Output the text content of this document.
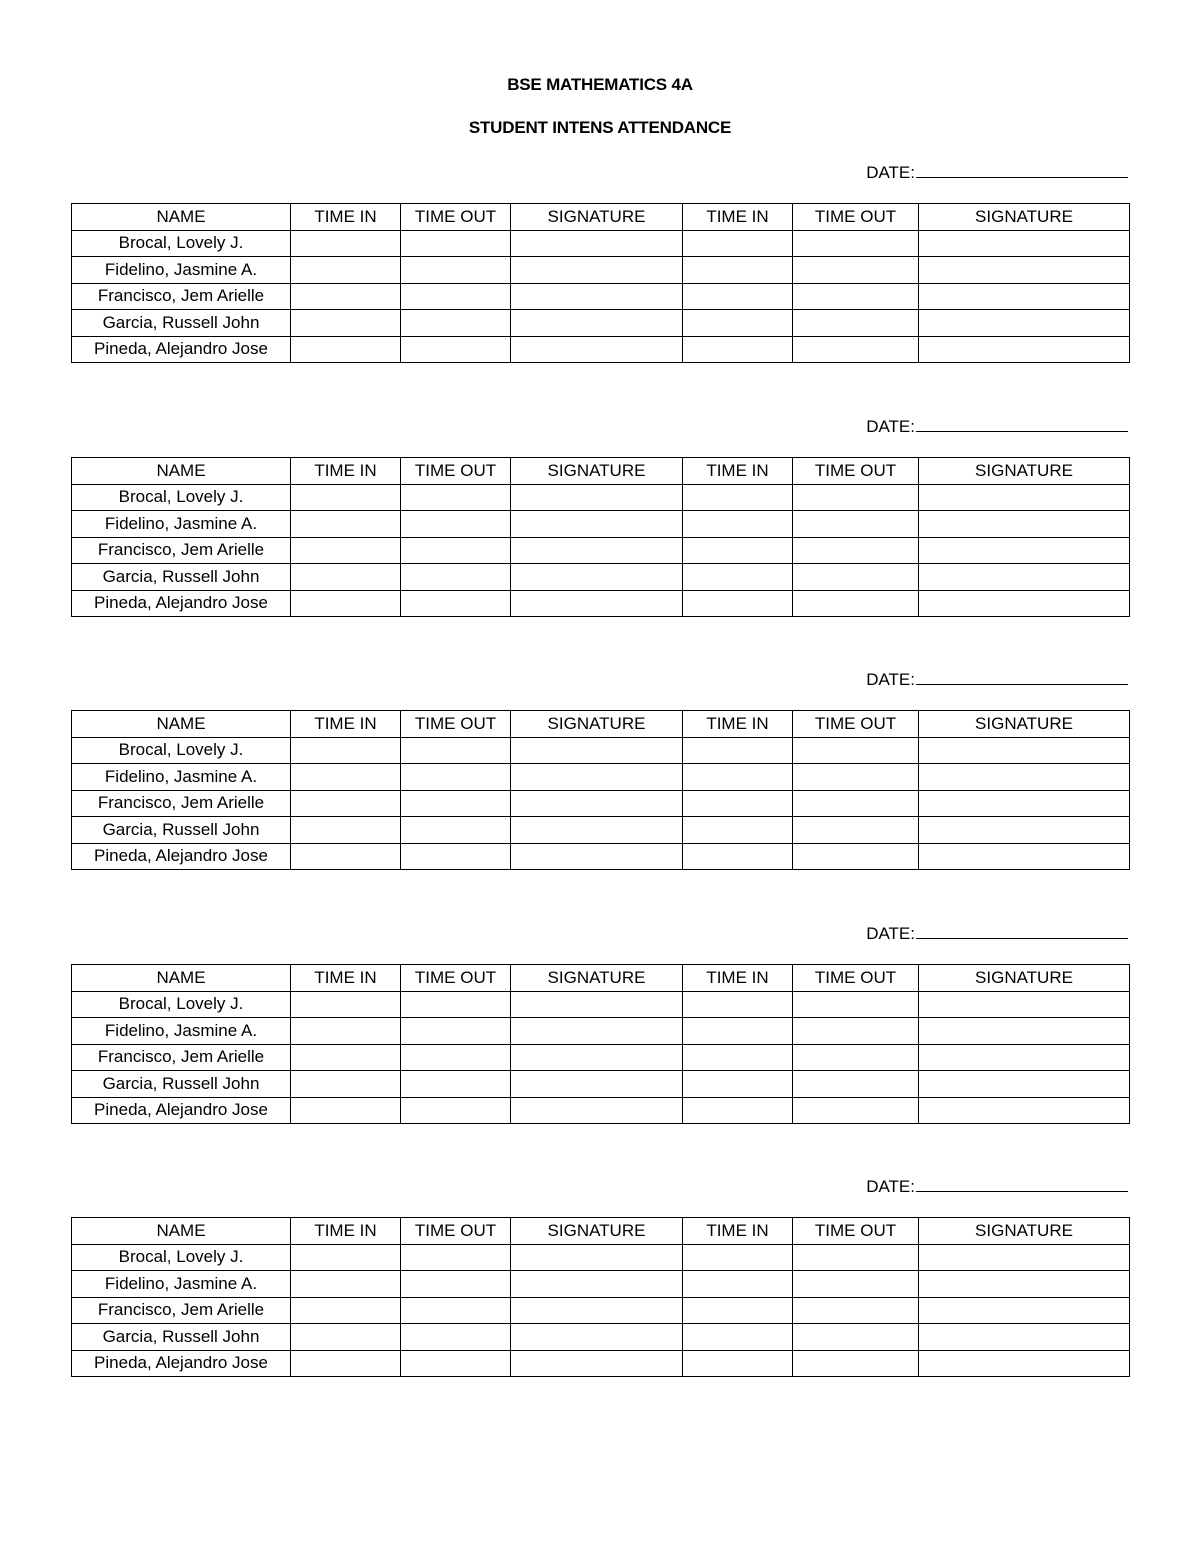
BSE MATHEMATICS 4A
STUDENT INTENS ATTENDANCE
DATE:
NAME	TIME IN	TIME OUT	SIGNATURE	TIME IN	TIME OUT	SIGNATURE
Brocal, Lovely J.						
Fidelino, Jasmine A.						
Francisco, Jem Arielle						
Garcia, Russell John						
Pineda, Alejandro Jose						
DATE:
NAME	TIME IN	TIME OUT	SIGNATURE	TIME IN	TIME OUT	SIGNATURE
Brocal, Lovely J.						
Fidelino, Jasmine A.						
Francisco, Jem Arielle						
Garcia, Russell John						
Pineda, Alejandro Jose						
DATE:
NAME	TIME IN	TIME OUT	SIGNATURE	TIME IN	TIME OUT	SIGNATURE
Brocal, Lovely J.						
Fidelino, Jasmine A.						
Francisco, Jem Arielle						
Garcia, Russell John						
Pineda, Alejandro Jose						
DATE:
NAME	TIME IN	TIME OUT	SIGNATURE	TIME IN	TIME OUT	SIGNATURE
Brocal, Lovely J.						
Fidelino, Jasmine A.						
Francisco, Jem Arielle						
Garcia, Russell John						
Pineda, Alejandro Jose						
DATE:
NAME	TIME IN	TIME OUT	SIGNATURE	TIME IN	TIME OUT	SIGNATURE
Brocal, Lovely J.						
Fidelino, Jasmine A.						
Francisco, Jem Arielle						
Garcia, Russell John						
Pineda, Alejandro Jose						
